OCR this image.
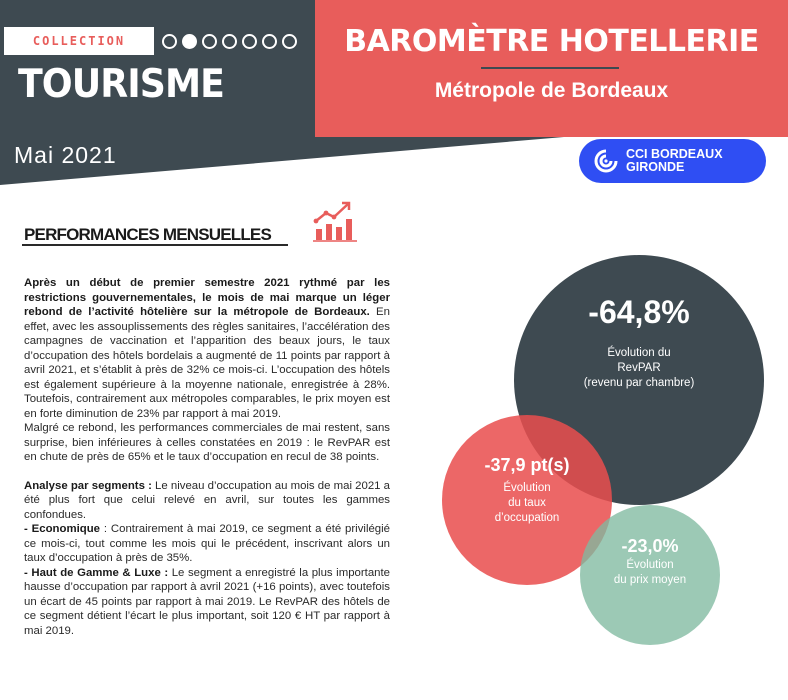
COLLECTION
TOURISME
Mai 2021
BAROMÈTRE HOTELLERIE
Métropole de Bordeaux
CCI BORDEAUX
GIRONDE
PERFORMANCES MENSUELLES

Après un début de premier semestre 2021 rythmé par les restrictions gouvernementales, le mois de mai marque un léger rebond de l’activité hôtelière sur la métropole de Bordeaux. En effet, avec les assouplissements des règles sanitaires, l’accélération des campagnes de vaccination et l’apparition des beaux jours, le taux d’occupation des hôtels bordelais a augmenté de 11 points par rapport à avril 2021, et s’établit à près de 32% ce mois-ci. L’occupation des hôtels est également supérieure à la moyenne nationale, enregistrée à 28%. Toutefois, contrairement aux métropoles comparables, le prix moyen est en forte diminution de 23% par rapport à mai 2019.

Malgré ce rebond, les performances commerciales de mai restent, sans surprise, bien inférieures à celles constatées en 2019 : le RevPAR est en chute de près de 65% et le taux d’occupation en recul de 38 points.

Analyse par segments : Le niveau d’occupation au mois de mai 2021 a été plus fort que celui relevé en avril, sur toutes les gammes confondues.

- Economique : Contrairement à mai 2019, ce segment a été privilégié ce mois-ci, tout comme les mois qui le précédent, inscrivant alors un taux d’occupation à près de 35%.

- Haut de Gamme & Luxe : Le segment a enregistré la plus importante hausse d’occupation par rapport à avril 2021 (+16 points), avec toutefois un écart de 45 points par rapport à mai 2019. Le RevPAR des hôtels de ce segment détient l’écart le plus important, soit 120 € HT par rapport à mai 2019.

-64,8%
Évolution du
RevPAR
(revenu par chambre)
-37,9 pt(s)
Évolution
du taux
d’occupation
-23,0%
Évolution
du prix moyen
